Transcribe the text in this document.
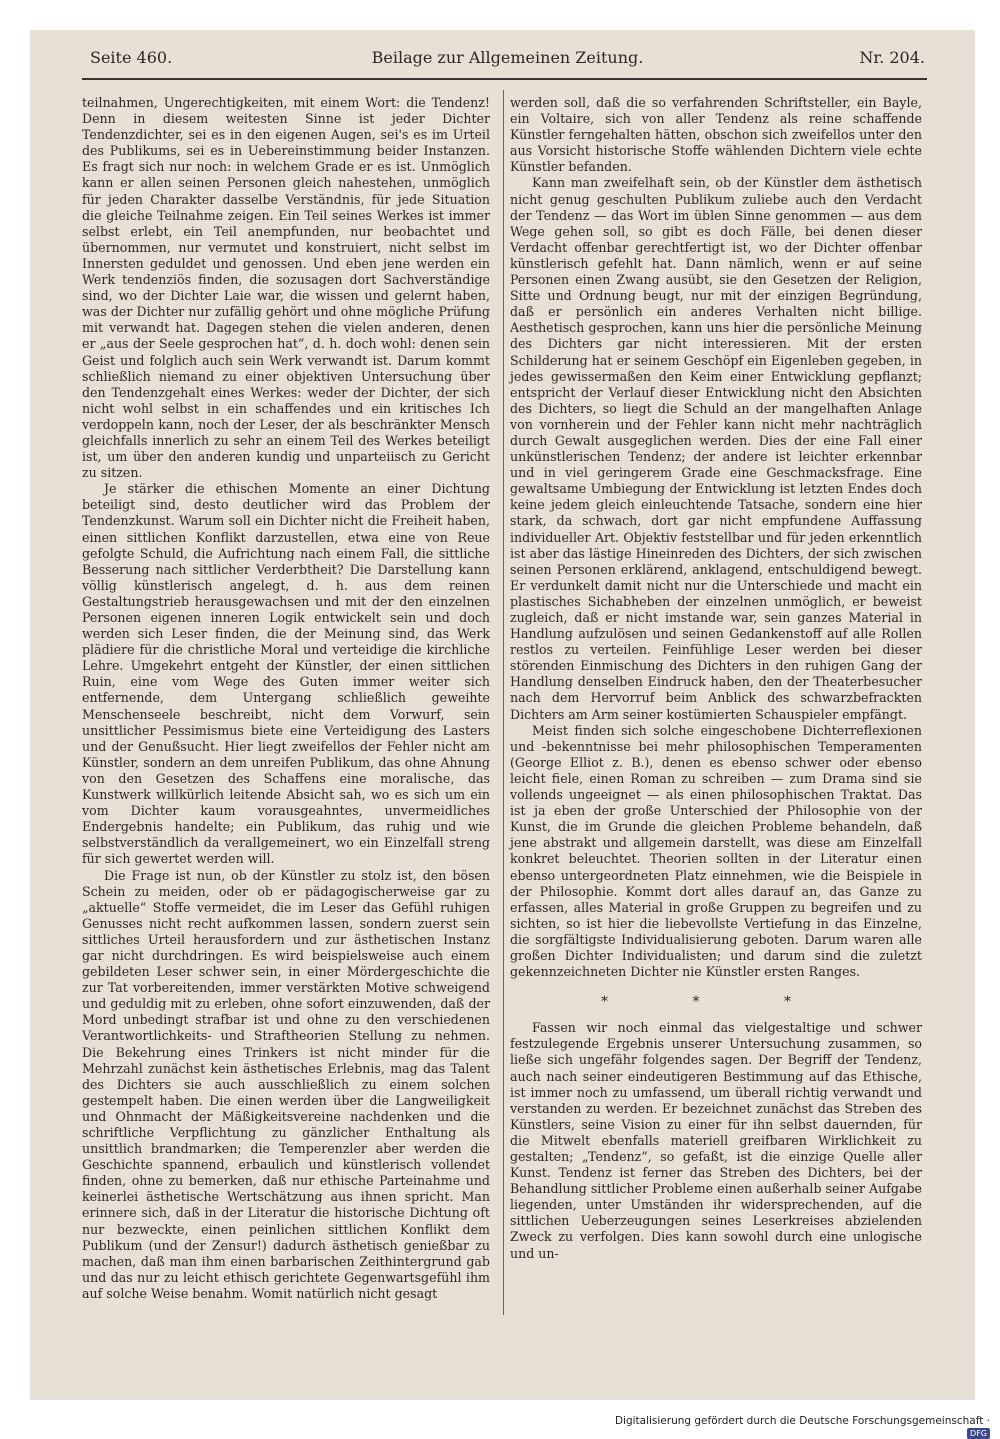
Seite 460.	Beilage zur Allgemeinen Zeitung.	Nr. 204.

teilnahmen, Ungerechtigkeiten, mit einem Wort: die Tendenz! Denn in diesem weitesten Sinne ist jeder Dichter Tendenzdichter, sei es in den eigenen Augen, sei's es im Urteil des Publikums, sei es in Uebereinstimmung beider Instanzen. Es fragt sich nur noch: in welchem Grade er es ist. Unmöglich kann er allen seinen Personen gleich nahestehen, unmöglich für jeden Charakter dasselbe Verständnis, für jede Situation die gleiche Teilnahme zeigen. Ein Teil seines Werkes ist immer selbst erlebt, ein Teil anempfunden, nur beobachtet und übernommen, nur vermutet und konstruiert, nicht selbst im Innersten geduldet und genossen. Und eben jene werden ein Werk tendenziös finden, die sozusagen dort Sachverständige sind, wo der Dichter Laie war, die wissen und gelernt haben, was der Dichter nur zufällig gehört und ohne mögliche Prüfung mit verwandt hat. Dagegen stehen die vielen anderen, denen er „aus der Seele gesprochen hat“, d. h. doch wohl: denen sein Geist und folglich auch sein Werk verwandt ist. Darum kommt schließlich niemand zu einer objektiven Untersuchung über den Tendenzgehalt eines Werkes: weder der Dichter, der sich nicht wohl selbst in ein schaffendes und ein kritisches Ich verdoppeln kann, noch der Leser, der als beschränkter Mensch gleichfalls innerlich zu sehr an einem Teil des Werkes beteiligt ist, um über den anderen kundig und unparteiisch zu Gericht zu sitzen.

Je stärker die ethischen Momente an einer Dichtung beteiligt sind, desto deutlicher wird das Problem der Tendenzkunst. Warum soll ein Dichter nicht die Freiheit haben, einen sittlichen Konflikt darzustellen, etwa eine von Reue gefolgte Schuld, die Aufrichtung nach einem Fall, die sittliche Besserung nach sittlicher Verderbtheit? Die Darstellung kann völlig künstlerisch angelegt, d. h. aus dem reinen Gestaltungstrieb herausgewachsen und mit der den einzelnen Personen eigenen inneren Logik entwickelt sein und doch werden sich Leser finden, die der Meinung sind, das Werk plädiere für die christliche Moral und verteidige die kirchliche Lehre. Umgekehrt entgeht der Künstler, der einen sittlichen Ruin, eine vom Wege des Guten immer weiter sich entfernende, dem Untergang schließlich geweihte Menschenseele beschreibt, nicht dem Vorwurf, sein unsittlicher Pessimismus biete eine Verteidigung des Lasters und der Genußsucht. Hier liegt zweifellos der Fehler nicht am Künstler, sondern an dem unreifen Publikum, das ohne Ahnung von den Gesetzen des Schaffens eine moralische, das Kunstwerk willkürlich leitende Absicht sah, wo es sich um ein vom Dichter kaum vorausgeahntes, unvermeidliches Endergebnis handelte; ein Publikum, das ruhig und wie selbstverständlich da verallgemeinert, wo ein Einzelfall streng für sich gewertet werden will.

Die Frage ist nun, ob der Künstler zu stolz ist, den bösen Schein zu meiden, oder ob er pädagogischerweise gar zu „aktuelle“ Stoffe vermeidet, die im Leser das Gefühl ruhigen Genusses nicht recht aufkommen lassen, sondern zuerst sein sittliches Urteil herausfordern und zur ästhetischen Instanz gar nicht durchdringen. Es wird beispielsweise auch einem gebildeten Leser schwer sein, in einer Mördergeschichte die zur Tat vorbereitenden, immer verstärkten Motive schweigend und geduldig mit zu erleben, ohne sofort einzuwenden, daß der Mord unbedingt strafbar ist und ohne zu den verschiedenen Verantwortlichkeits- und Straftheorien Stellung zu nehmen. Die Bekehrung eines Trinkers ist nicht minder für die Mehrzahl zunächst kein ästhetisches Erlebnis, mag das Talent des Dichters sie auch ausschließlich zu einem solchen gestempelt haben. Die einen werden über die Langweiligkeit und Ohnmacht der Mäßigkeitsvereine nachdenken und die schriftliche Verpflichtung zu gänzlicher Enthaltung als unsittlich brandmarken; die Temperenzler aber werden die Geschichte spannend, erbaulich und künstlerisch vollendet finden, ohne zu bemerken, daß nur ethische Parteinahme und keinerlei ästhetische Wertschätzung aus ihnen spricht. Man erinnere sich, daß in der Literatur die historische Dichtung oft nur bezweckte, einen peinlichen sittlichen Konflikt dem Publikum (und der Zensur!) dadurch ästhetisch genießbar zu machen, daß man ihm einen barbarischen Zeithintergrund gab und das nur zu leicht ethisch gerichtete Gegenwartsgefühl ihm auf solche Weise benahm. Womit natürlich nicht gesagt

werden soll, daß die so verfahrenden Schriftsteller, ein Bayle, ein Voltaire, sich von aller Tendenz als reine schaffende Künstler ferngehalten hätten, obschon sich zweifellos unter den aus Vorsicht historische Stoffe wählenden Dichtern viele echte Künstler befanden.

Kann man zweifelhaft sein, ob der Künstler dem ästhetisch nicht genug geschulten Publikum zuliebe auch den Verdacht der Tendenz — das Wort im üblen Sinne genommen — aus dem Wege gehen soll, so gibt es doch Fälle, bei denen dieser Verdacht offenbar gerechtfertigt ist, wo der Dichter offenbar künstlerisch gefehlt hat. Dann nämlich, wenn er auf seine Personen einen Zwang ausübt, sie den Gesetzen der Religion, Sitte und Ordnung beugt, nur mit der einzigen Begründung, daß er persönlich ein anderes Verhalten nicht billige. Aesthetisch gesprochen, kann uns hier die persönliche Meinung des Dichters gar nicht interessieren. Mit der ersten Schilderung hat er seinem Geschöpf ein Eigenleben gegeben, in jedes gewissermaßen den Keim einer Entwicklung gepflanzt; entspricht der Verlauf dieser Entwicklung nicht den Absichten des Dichters, so liegt die Schuld an der mangelhaften Anlage von vornherein und der Fehler kann nicht mehr nachträglich durch Gewalt ausgeglichen werden. Dies der eine Fall einer unkünstlerischen Tendenz; der andere ist leichter erkennbar und in viel geringerem Grade eine Geschmacksfrage. Eine gewaltsame Umbiegung der Entwicklung ist letzten Endes doch keine jedem gleich einleuchtende Tatsache, sondern eine hier stark, da schwach, dort gar nicht empfundene Auffassung individueller Art. Objektiv feststellbar und für jeden erkenntlich ist aber das lästige Hineinreden des Dichters, der sich zwischen seinen Personen erklärend, anklagend, entschuldigend bewegt. Er verdunkelt damit nicht nur die Unterschiede und macht ein plastisches Sichabheben der einzelnen unmöglich, er beweist zugleich, daß er nicht imstande war, sein ganzes Material in Handlung aufzulösen und seinen Gedankenstoff auf alle Rollen restlos zu verteilen. Feinfühlige Leser werden bei dieser störenden Einmischung des Dichters in den ruhigen Gang der Handlung denselben Eindruck haben, den der Theaterbesucher nach dem Hervorruf beim Anblick des schwarzbefrackten Dichters am Arm seiner kostümierten Schauspieler empfängt.

Meist finden sich solche eingeschobene Dichterreflexionen und -bekenntnisse bei mehr philosophischen Temperamenten (George Elliot z. B.), denen es ebenso schwer oder ebenso leicht fiele, einen Roman zu schreiben — zum Drama sind sie vollends ungeeignet — als einen philosophischen Traktat. Das ist ja eben der große Unterschied der Philosophie von der Kunst, die im Grunde die gleichen Probleme behandeln, daß jene abstrakt und allgemein darstellt, was diese am Einzelfall konkret beleuchtet. Theorien sollten in der Literatur einen ebenso untergeordneten Platz einnehmen, wie die Beispiele in der Philosophie. Kommt dort alles darauf an, das Ganze zu erfassen, alles Material in große Gruppen zu begreifen und zu sichten, so ist hier die liebevollste Vertiefung in das Einzelne, die sorgfältigste Individualisierung geboten. Darum waren alle großen Dichter Individualisten; und darum sind die zuletzt gekennzeichneten Dichter nie Künstler ersten Ranges.

* * *

Fassen wir noch einmal das vielgestaltige und schwer festzulegende Ergebnis unserer Untersuchung zusammen, so ließe sich ungefähr folgendes sagen. Der Begriff der Tendenz, auch nach seiner eindeutigeren Bestimmung auf das Ethische, ist immer noch zu umfassend, um überall richtig verwandt und verstanden zu werden. Er bezeichnet zunächst das Streben des Künstlers, seine Vision zu einer für ihn selbst dauernden, für die Mitwelt ebenfalls materiell greifbaren Wirklichkeit zu gestalten; „Tendenz“, so gefaßt, ist die einzige Quelle aller Kunst. Tendenz ist ferner das Streben des Dichters, bei der Behandlung sittlicher Probleme einen außerhalb seiner Aufgabe liegenden, unter Umständen ihr widersprechenden, auf die sittlichen Ueberzeugungen seines Leserkreises abzielenden Zweck zu verfolgen. Dies kann sowohl durch eine unlogische und un-

Digitalisierung gefördert durch die Deutsche Forschungsgemeinschaft ·DFG
